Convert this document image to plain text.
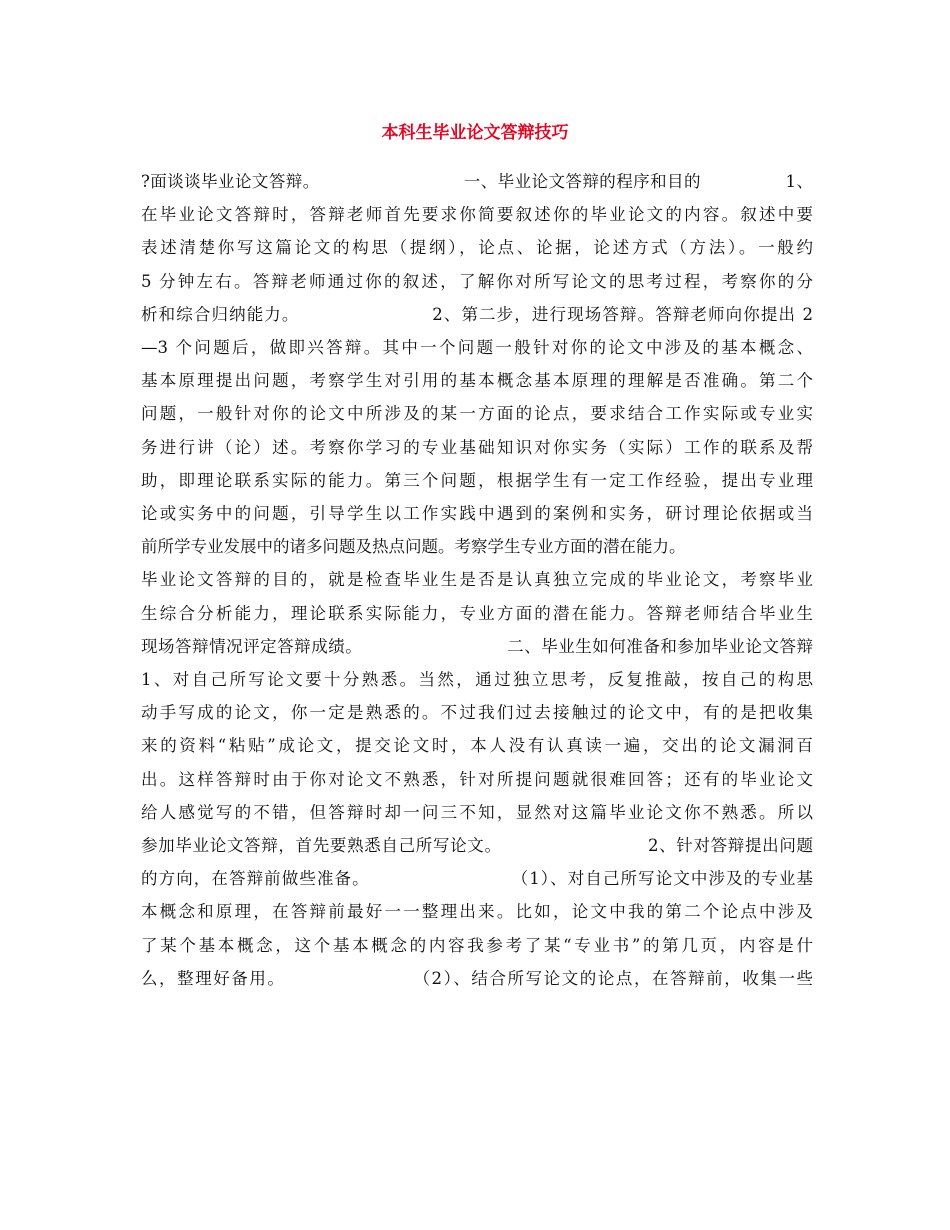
本科生毕业论文答辩技巧

?面谈谈毕业论文答辩。　　　　　　　　　一、毕业论文答辩的程序和目的　　　　　1、

在毕业论文答辩时，答辩老师首先要求你简要叙述你的毕业论文的内容。叙述中要

表述清楚你写这篇论文的构思（提纲），论点、论据，论述方式（方法）。一般约

5 分钟左右。答辩老师通过你的叙述，了解你对所写论文的思考过程，考察你的分

析和综合归纳能力。　　　　　　　　2、第二步，进行现场答辩。答辩老师向你提出 2

—3 个问题后，做即兴答辩。其中一个问题一般针对你的论文中涉及的基本概念、

基本原理提出问题，考察学生对引用的基本概念基本原理的理解是否准确。第二个

问题，一般针对你的论文中所涉及的某一方面的论点，要求结合工作实际或专业实

务进行讲（论）述。考察你学习的专业基础知识对你实务（实际）工作的联系及帮

助，即理论联系实际的能力。第三个问题，根据学生有一定工作经验，提出专业理

论或实务中的问题，引导学生以工作实践中遇到的案例和实务，研讨理论依据或当

前所学专业发展中的诸多问题及热点问题。考察学生专业方面的潜在能力。

毕业论文答辩的目的，就是检查毕业生是否是认真独立完成的毕业论文，考察毕业

生综合分析能力，理论联系实际能力，专业方面的潜在能力。答辩老师结合毕业生

现场答辩情况评定答辩成绩。　　　　　　　　　二、毕业生如何准备和参加毕业论文答辩

1、对自己所写论文要十分熟悉。当然，通过独立思考，反复推敲，按自己的构思

动手写成的论文，你一定是熟悉的。不过我们过去接触过的论文中，有的是把收集

来的资料“粘贴”成论文，提交论文时，本人没有认真读一遍，交出的论文漏洞百

出。这样答辩时由于你对论文不熟悉，针对所提问题就很难回答；还有的毕业论文

给人感觉写的不错，但答辩时却一问三不知，显然对这篇毕业论文你不熟悉。所以

参加毕业论文答辩，首先要熟悉自己所写论文。　　　　　　　　　2、针对答辩提出问题

的方向，在答辩前做些准备。　　　　　　　　　（1）、对自己所写论文中涉及的专业基

本概念和原理，在答辩前最好一一整理出来。比如，论文中我的第二个论点中涉及

了某个基本概念，这个基本概念的内容我参考了某“专业书”的第几页，内容是什

么，整理好备用。　　　　　　　　（2）、结合所写论文的论点，在答辩前，收集一些
